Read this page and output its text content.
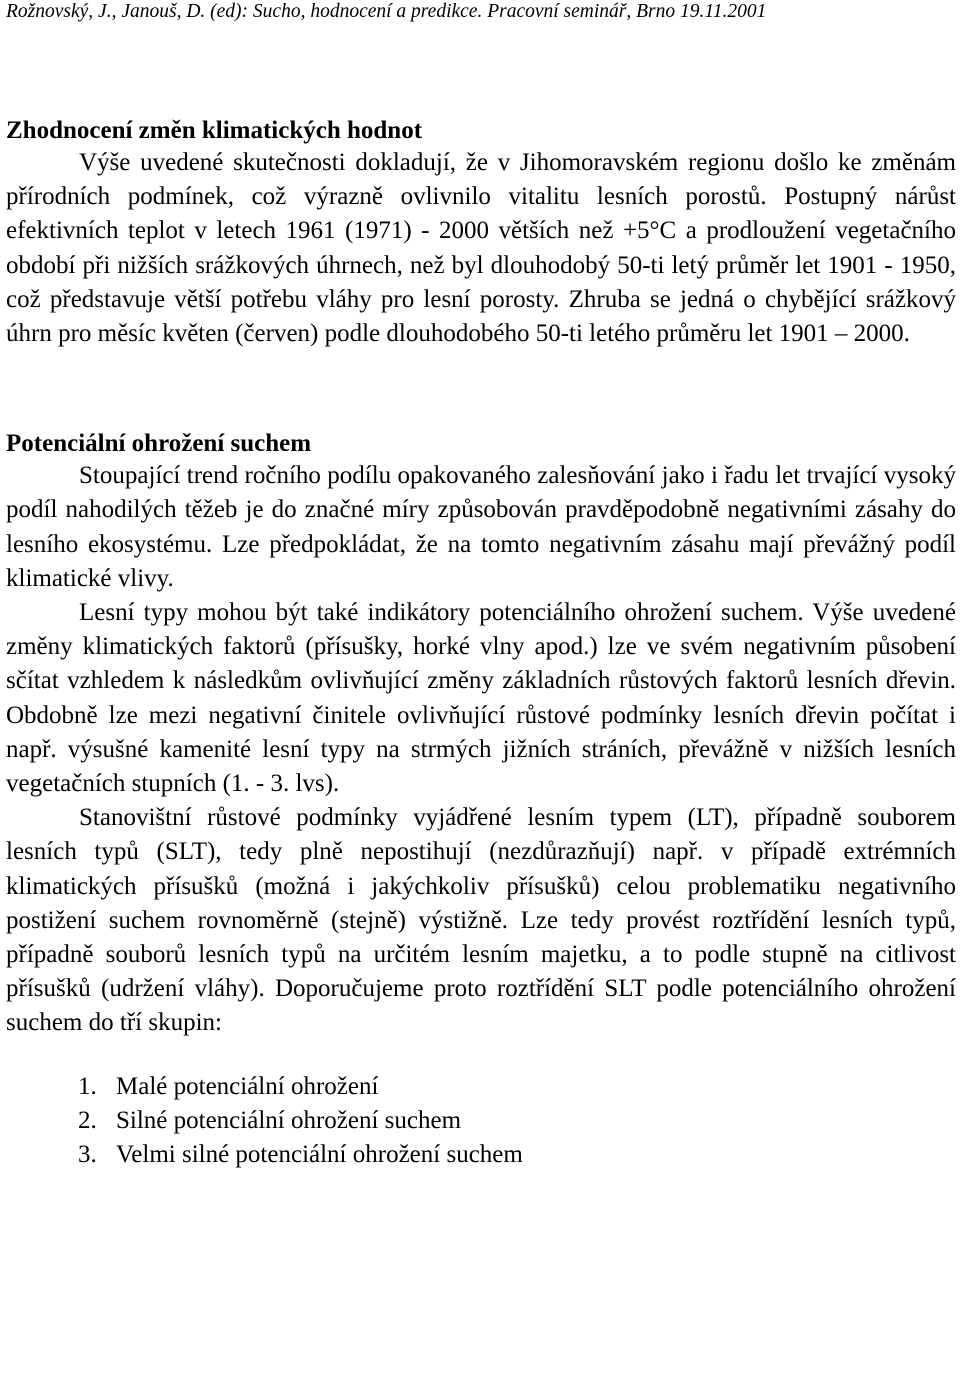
Rožnovský, J., Janouš, D. (ed): Sucho, hodnocení a predikce. Pracovní seminář, Brno 19.11.2001

Zhodnocení změn klimatických hodnot

Výše uvedené skutečnosti dokladují, že v Jihomoravském regionu došlo ke změnám přírodních podmínek, což výrazně ovlivnilo vitalitu lesních porostů. Postupný nárůst efektivních teplot v letech 1961 (1971) - 2000 větších než +5°C a prodloužení vegetačního období při nižších srážkových úhrnech, než byl dlouhodobý 50-ti letý průměr let 1901 - 1950, což představuje větší potřebu vláhy pro lesní porosty. Zhruba se jedná o chybějící srážkový úhrn pro měsíc květen (červen) podle dlouhodobého 50-ti letého průměru let 1901 – 2000.

Potenciální ohrožení suchem

Stoupající trend ročního podílu opakovaného zalesňování jako i řadu let trvající vysoký podíl nahodilých těžeb je do značné míry způsobován pravděpodobně negativními zásahy do lesního ekosystému. Lze předpokládat, že na tomto negativním zásahu mají převážný podíl klimatické vlivy.

Lesní typy mohou být také indikátory potenciálního ohrožení suchem. Výše uvedené změny klimatických faktorů (přísušky, horké vlny apod.) lze ve svém negativním působení sčítat vzhledem k následkům ovlivňující změny základních růstových faktorů lesních dřevin. Obdobně lze mezi negativní činitele ovlivňující růstové podmínky lesních dřevin počítat i např. výsušné kamenité lesní typy na strmých jižních stráních, převážně v nižších lesních vegetačních stupních (1. - 3. lvs).

Stanovištní růstové podmínky vyjádřené lesním typem (LT), případně souborem lesních typů (SLT), tedy plně nepostihují (nezdůrazňují) např. v případě extrémních klimatických přísušků (možná i jakýchkoliv přísušků) celou problematiku negativního postižení suchem rovnoměrně (stejně) výstižně. Lze tedy provést roztřídění lesních typů, případně souborů lesních typů na určitém lesním majetku, a to podle stupně na citlivost přísušků (udržení vláhy). Doporučujeme proto roztřídění SLT podle potenciálního ohrožení suchem do tří skupin:

1. Malé potenciální ohrožení
2. Silné potenciální ohrožení suchem
3. Velmi silné potenciální ohrožení suchem
